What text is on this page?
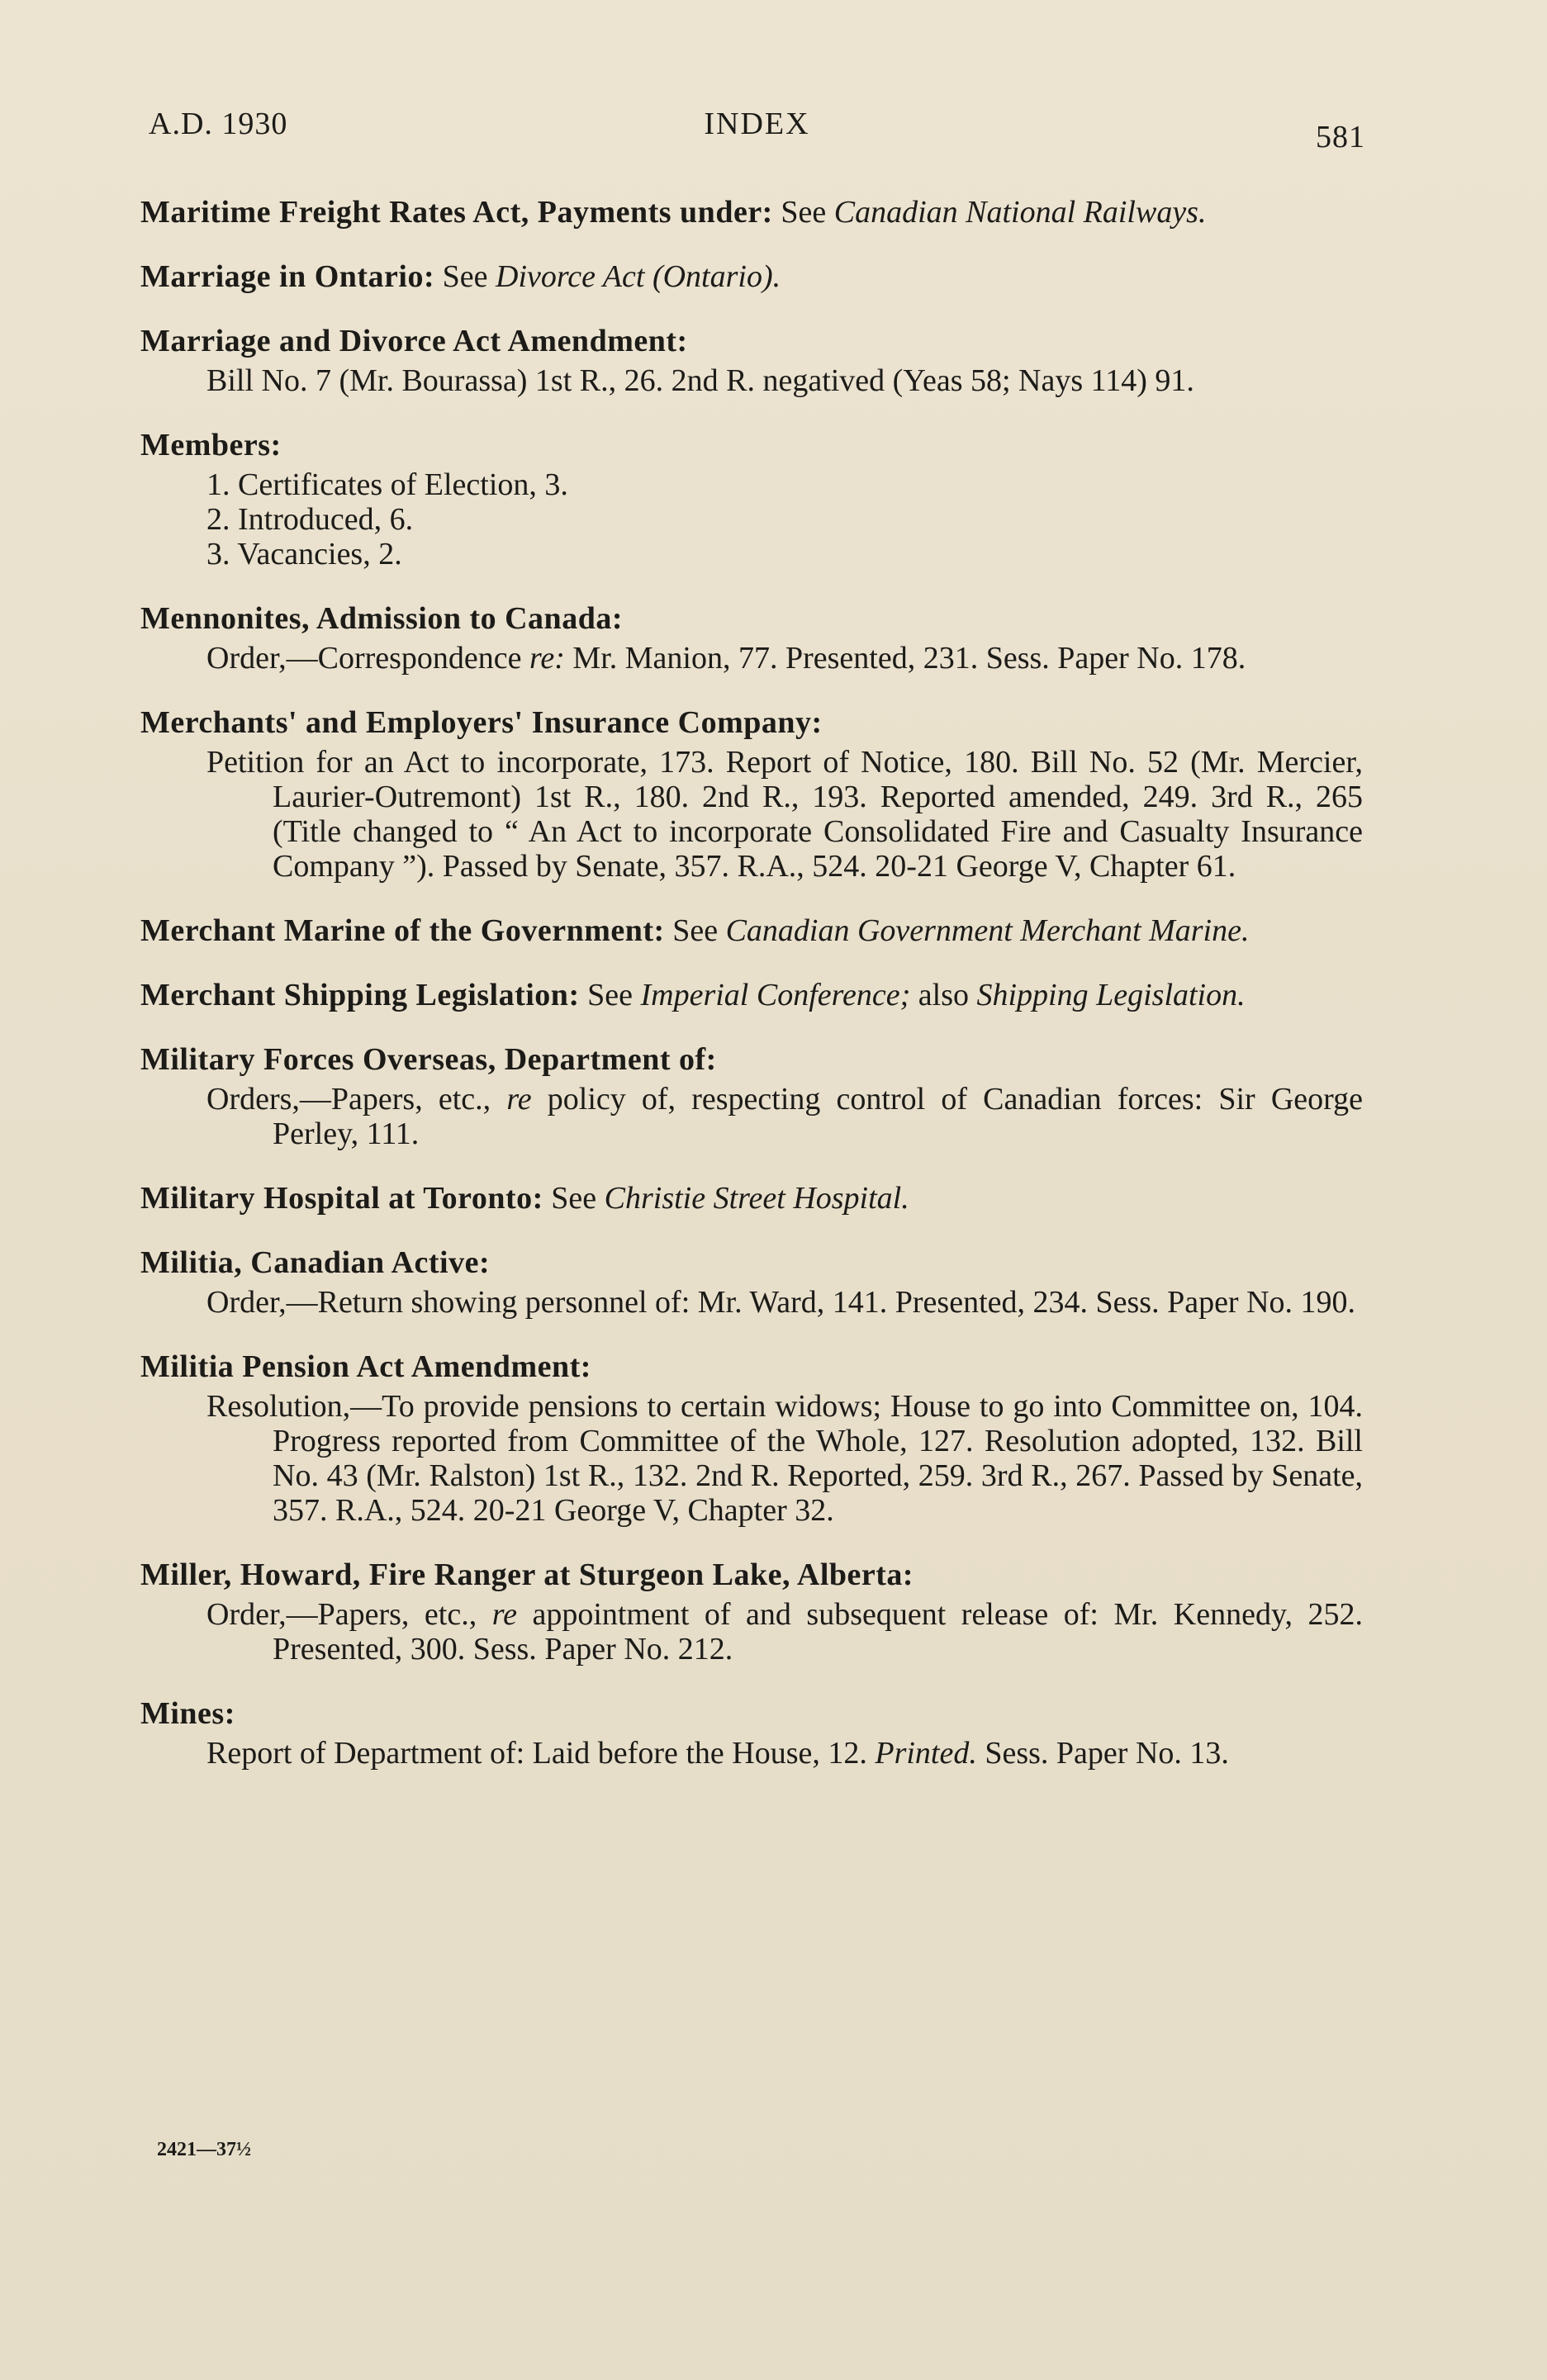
A.D. 1930	INDEX	581

Maritime Freight Rates Act, Payments under: See Canadian National Railways.

Marriage in Ontario: See Divorce Act (Ontario).

Marriage and Divorce Act Amendment:

Bill No. 7 (Mr. Bourassa) 1st R., 26. 2nd R. negatived (Yeas 58; Nays 114) 91.

Members:

1. Certificates of Election, 3.
2. Introduced, 6.
3. Vacancies, 2.

Mennonites, Admission to Canada:

Order,—Correspondence re: Mr. Manion, 77. Presented, 231. Sess. Paper No. 178.

Merchants' and Employers' Insurance Company:

Petition for an Act to incorporate, 173. Report of Notice, 180. Bill No. 52 (Mr. Mercier, Laurier-Outremont) 1st R., 180. 2nd R., 193. Reported amended, 249. 3rd R., 265 (Title changed to “ An Act to incorporate Consolidated Fire and Casualty Insurance Company ”). Passed by Senate, 357. R.A., 524. 20-21 George V, Chapter 61.

Merchant Marine of the Government: See Canadian Government Merchant Marine.

Merchant Shipping Legislation: See Imperial Conference; also Shipping Legislation.

Military Forces Overseas, Department of:

Orders,—Papers, etc., re policy of, respecting control of Canadian forces: Sir George Perley, 111.

Military Hospital at Toronto: See Christie Street Hospital.

Militia, Canadian Active:

Order,—Return showing personnel of: Mr. Ward, 141. Presented, 234. Sess. Paper No. 190.

Militia Pension Act Amendment:

Resolution,—To provide pensions to certain widows; House to go into Committee on, 104. Progress reported from Committee of the Whole, 127. Resolution adopted, 132. Bill No. 43 (Mr. Ralston) 1st R., 132. 2nd R. Reported, 259. 3rd R., 267. Passed by Senate, 357. R.A., 524. 20-21 George V, Chapter 32.

Miller, Howard, Fire Ranger at Sturgeon Lake, Alberta:

Order,—Papers, etc., re appointment of and subsequent release of: Mr. Kennedy, 252. Presented, 300. Sess. Paper No. 212.

Mines:

Report of Department of: Laid before the House, 12. Printed. Sess. Paper No. 13.

2421—37½
